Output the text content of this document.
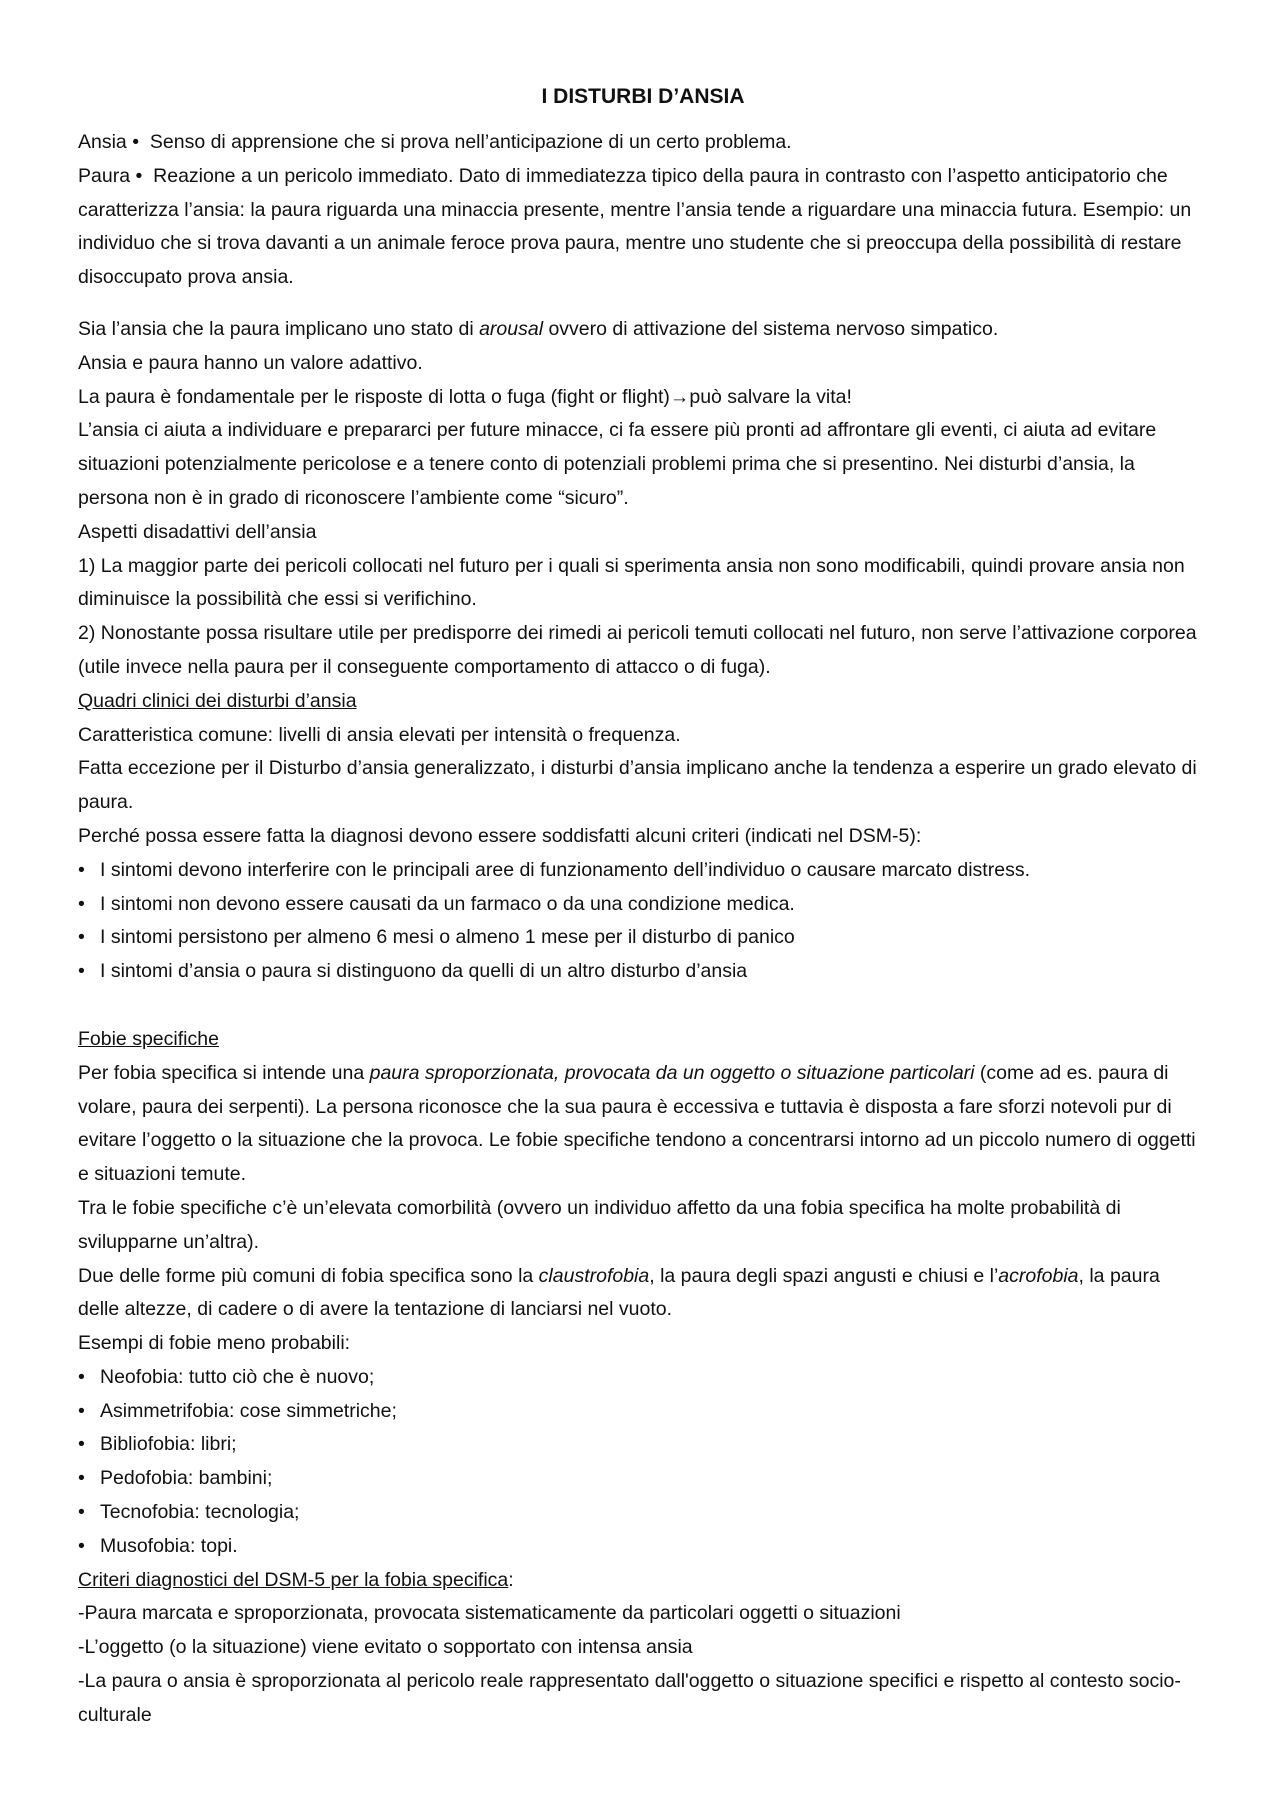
I DISTURBI D’ANSIA

Ansia • Senso di apprensione che si prova nell’anticipazione di un certo problema.

Paura • Reazione a un pericolo immediato. Dato di immediatezza tipico della paura in contrasto con l’aspetto anticipatorio che caratterizza l’ansia: la paura riguarda una minaccia presente, mentre l’ansia tende a riguardare una minaccia futura. Esempio: un individuo che si trova davanti a un animale feroce prova paura, mentre uno studente che si preoccupa della possibilità di restare disoccupato prova ansia.

Sia l’ansia che la paura implicano uno stato di arousal ovvero di attivazione del sistema nervoso simpatico.

Ansia e paura hanno un valore adattivo.

La paura è fondamentale per le risposte di lotta o fuga (fight or flight)→può salvare la vita!

L’ansia ci aiuta a individuare e prepararci per future minacce, ci fa essere più pronti ad affrontare gli eventi, ci aiuta ad evitare situazioni potenzialmente pericolose e a tenere conto di potenziali problemi prima che si presentino. Nei disturbi d’ansia, la persona non è in grado di riconoscere l’ambiente come “sicuro”.

Aspetti disadattivi dell’ansia

1) La maggior parte dei pericoli collocati nel futuro per i quali si sperimenta ansia non sono modificabili, quindi provare ansia non diminuisce la possibilità che essi si verifichino.

2) Nonostante possa risultare utile per predisporre dei rimedi ai pericoli temuti collocati nel futuro, non serve l’attivazione corporea (utile invece nella paura per il conseguente comportamento di attacco o di fuga).

Quadri clinici dei disturbi d’ansia

Caratteristica comune: livelli di ansia elevati per intensità o frequenza.

Fatta eccezione per il Disturbo d’ansia generalizzato, i disturbi d’ansia implicano anche la tendenza a esperire un grado elevato di paura.

Perché possa essere fatta la diagnosi devono essere soddisfatti alcuni criteri (indicati nel DSM-5):

• I sintomi devono interferire con le principali aree di funzionamento dell’individuo o causare marcato distress.
• I sintomi non devono essere causati da un farmaco o da una condizione medica.
• I sintomi persistono per almeno 6 mesi o almeno 1 mese per il disturbo di panico
• I sintomi d’ansia o paura si distinguono da quelli di un altro disturbo d’ansia

Fobie specifiche

Per fobia specifica si intende una paura sproporzionata, provocata da un oggetto o situazione particolari (come ad es. paura di volare, paura dei serpenti). La persona riconosce che la sua paura è eccessiva e tuttavia è disposta a fare sforzi notevoli pur di evitare l’oggetto o la situazione che la provoca. Le fobie specifiche tendono a concentrarsi intorno ad un piccolo numero di oggetti e situazioni temute.

Tra le fobie specifiche c’è un’elevata comorbilità (ovvero un individuo affetto da una fobia specifica ha molte probabilità di svilupparne un’altra).

Due delle forme più comuni di fobia specifica sono la claustrofobia, la paura degli spazi angusti e chiusi e l’acrofobia, la paura delle altezze, di cadere o di avere la tentazione di lanciarsi nel vuoto.

Esempi di fobie meno probabili:

• Neofobia: tutto ciò che è nuovo;
• Asimmetrifobia: cose simmetriche;
• Bibliofobia: libri;
• Pedofobia: bambini;
• Tecnofobia: tecnologia;
• Musofobia: topi.

Criteri diagnostici del DSM-5 per la fobia specifica:

-Paura marcata e sproporzionata, provocata sistematicamente da particolari oggetti o situazioni

-L’oggetto (o la situazione) viene evitato o sopportato con intensa ansia

-La paura o ansia è sproporzionata al pericolo reale rappresentato dall'oggetto o situazione specifici e rispetto al contesto socio-culturale
